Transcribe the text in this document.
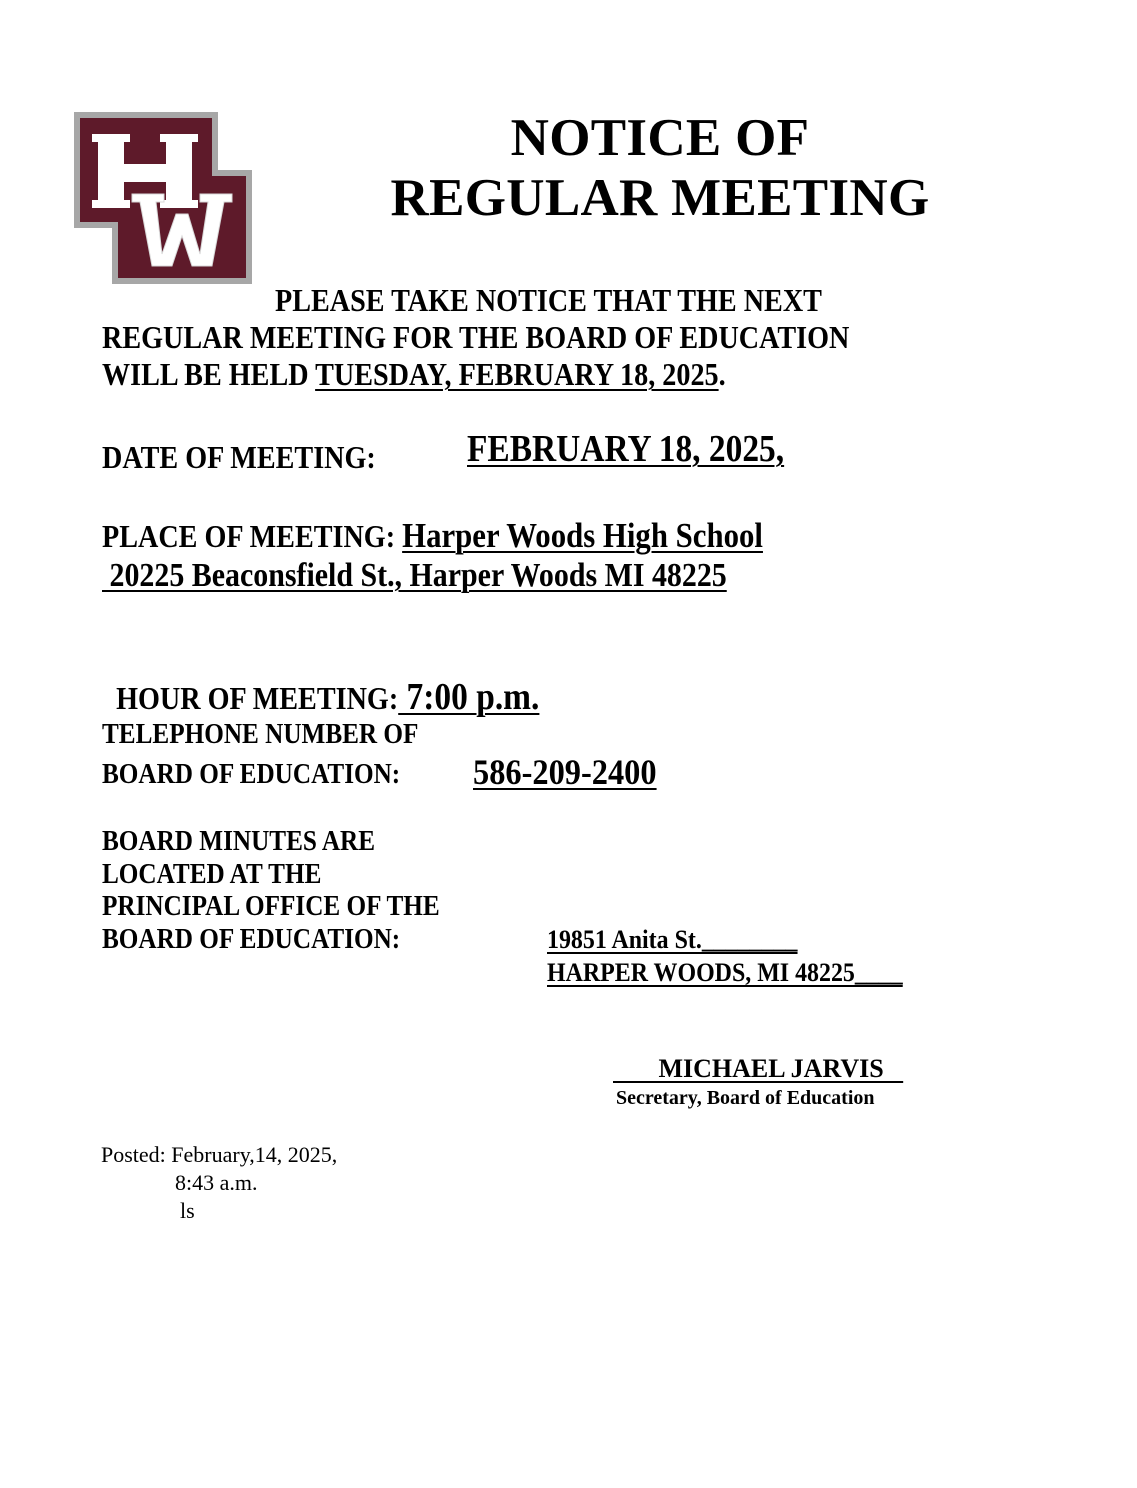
NOTICE OF
REGULAR MEETING
PLEASE TAKE NOTICE THAT THE NEXT
REGULAR MEETING FOR THE BOARD OF EDUCATION
WILL BE HELD TUESDAY, FEBRUARY 18, 2025.
DATE OF MEETING: FEBRUARY 18, 2025,
PLACE OF MEETING: Harper Woods High School
20225 Beaconsfield St., Harper Woods MI 48225

HOUR OF MEETING: 7:00 p.m.

TELEPHONE NUMBER OF
BOARD OF EDUCATION: 586-209-2400
BOARD MINUTES ARE
LOCATED AT THE
PRINCIPAL OFFICE OF THE
BOARD OF EDUCATION:	19851 Anita St.________
HARPER WOODS, MI 48225____
MICHAEL JARVIS
Secretary, Board of Education
Posted: February,14, 2025,
8:43 a.m.
ls
